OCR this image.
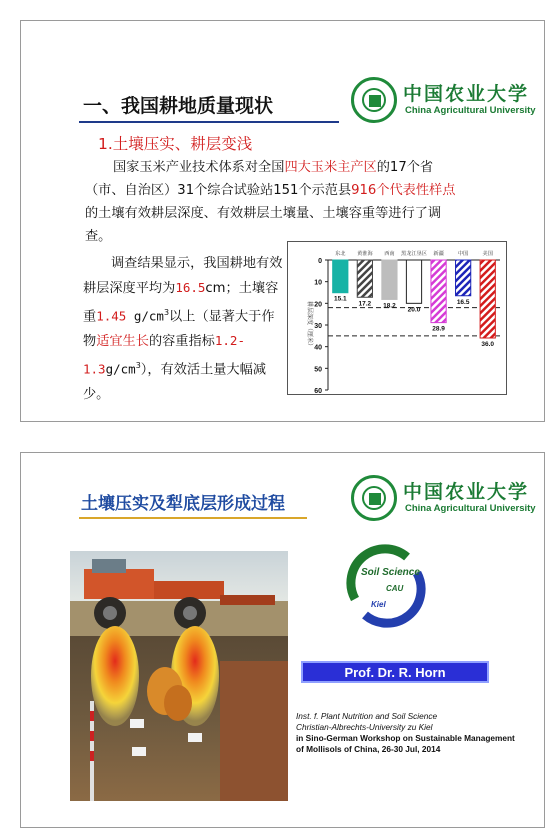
中国农业大学
China Agricultural University
一、我国耕地质量现状
1.土壤压实、耕层变浅
国家玉米产业技术体系对全国四大玉米主产区的17个省（市、自治区）31个综合试验站151个示范县916个代表性样点的土壤有效耕层深度、有效耕层土壤量、土壤容重等进行了调查。
调查结果显示，我国耕地有效耕层深度平均为16.5cm；土壤容重1.45 $g/cm^3$以上（显著大于作物适宜生长的容重指标$1.2-1.3g/cm^3$），有效活土量大幅减少。
0
10
20
30
40
50
60
耕层深度（厘米）
15.1
东北
17.2
黄淮海
18.2
西南
20.0
黑龙江垦区
28.9
新疆
16.5
中国
36.0
美国
中国农业大学
China Agricultural University
土壤压实及犁底层形成过程
Soil Science
CAU
Kiel
Prof. Dr. R. Horn
Inst. f. Plant Nutrition and Soil Science
Christian-Albrechts-University zu Kiel
in Sino-German Workshop on Sustainable Management
of Mollisols of China, 26-30 Jul, 2014
